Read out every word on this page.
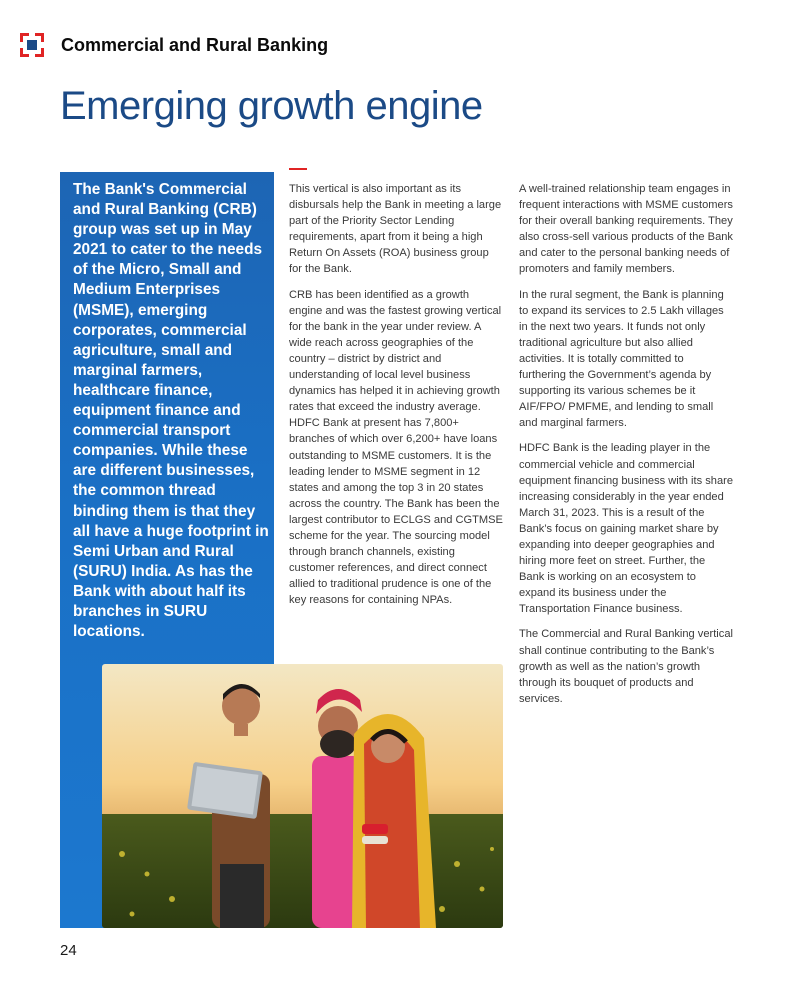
Commercial and Rural Banking
Emerging growth engine
The Bank's Commercial and Rural Banking (CRB) group was set up in May 2021 to cater to the needs of the Micro, Small and Medium Enterprises (MSME), emerging corporates, commercial agriculture, small and marginal farmers, healthcare finance, equipment finance and commercial transport companies. While these are different businesses, the common thread binding them is that they all have a huge footprint in Semi Urban and Rural (SURU) India. As has the Bank with about half its branches in SURU locations.

This vertical is also important as its disbursals help the Bank in meeting a large part of the Priority Sector Lending requirements, apart from it being a high Return On Assets (ROA) business group for the Bank.

CRB has been identified as a growth engine and was the fastest growing vertical for the bank in the year under review. A wide reach across geographies of the country – district by district and understanding of local level business dynamics has helped it in achieving growth rates that exceed the industry average. HDFC Bank at present has 7,800+ branches of which over 6,200+ have loans outstanding to MSME customers. It is the leading lender to MSME segment in 12 states and among the top 3 in 20 states across the country. The Bank has been the largest contributor to ECLGS and CGTMSE scheme for the year. The sourcing model through branch channels, existing customer references, and direct connect allied to traditional prudence is one of the key reasons for containing NPAs.

A well-trained relationship team engages in frequent interactions with MSME customers for their overall banking requirements. They also cross-sell various products of the Bank and cater to the personal banking needs of promoters and family members.

In the rural segment, the Bank is planning to expand its services to 2.5 Lakh villages in the next two years. It funds not only traditional agriculture but also allied activities. It is totally committed to furthering the Government’s agenda by supporting its various schemes be it AIF/FPO/ PMFME, and lending to small and marginal farmers.

HDFC Bank is the leading player in the commercial vehicle and commercial equipment financing business with its share increasing considerably in the year ended March 31, 2023. This is a result of the Bank’s focus on gaining market share by expanding into deeper geographies and hiring more feet on street. Further, the Bank is working on an ecosystem to expand its business under the Transportation Finance business.

The Commercial and Rural Banking vertical shall continue contributing to the Bank’s growth as well as the nation’s growth through its bouquet of products and services.

24
